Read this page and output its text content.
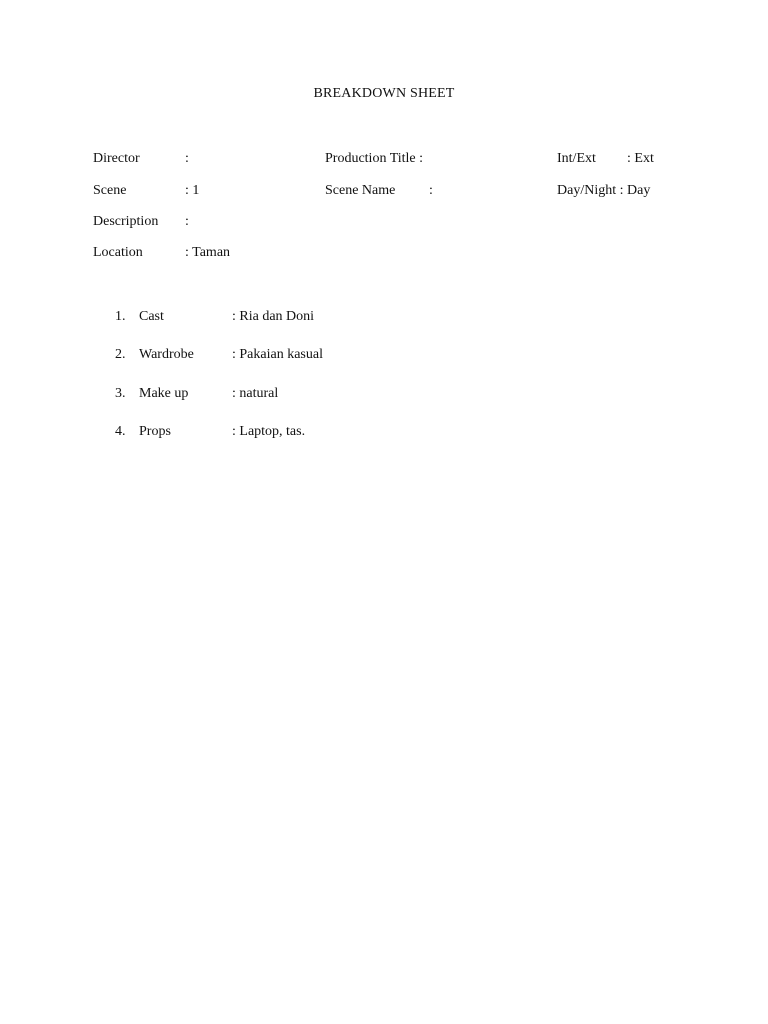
BREAKDOWN SHEET
Director	:	Production Title :	Int/Ext : Ext
Scene	: 1	Scene Name :	Day/Night : Day
Description :
Location	: Taman
1. Cast	: Ria dan Doni
2. Wardrobe	: Pakaian kasual
3. Make up	: natural
4. Props	: Laptop, tas.
